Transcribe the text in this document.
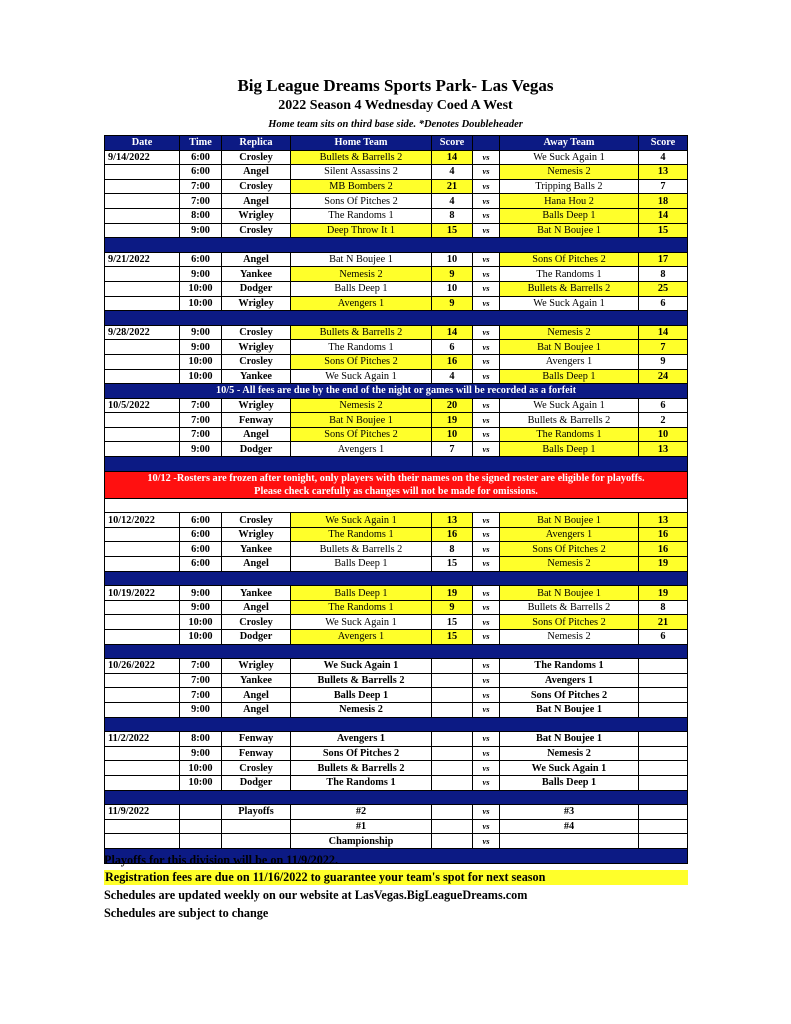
Big League Dreams Sports Park- Las Vegas
2022 Season 4 Wednesday Coed A West
Home team sits on third base side. *Denotes Doubleheader
Date	Time	Replica	Home Team	Score		Away Team	Score
9/14/2022	6:00	Crosley	Bullets & Barrells 2	14	vs	We Suck Again 1	4
	6:00	Angel	Silent Assassins 2	4	vs	Nemesis 2	13
	7:00	Crosley	MB Bombers 2	21	vs	Tripping Balls 2	7
	7:00	Angel	Sons Of Pitches 2	4	vs	Hana Hou 2	18
	8:00	Wrigley	The Randoms 1	8	vs	Balls Deep 1	14
	9:00	Crosley	Deep Throw It 1	15	vs	Bat N Boujee 1	15

9/21/2022	6:00	Angel	Bat N Boujee 1	10	vs	Sons Of Pitches 2	17
	9:00	Yankee	Nemesis 2	9	vs	The Randoms 1	8
	10:00	Dodger	Balls Deep 1	10	vs	Bullets & Barrells 2	25
	10:00	Wrigley	Avengers 1	9	vs	We Suck Again 1	6

9/28/2022	9:00	Crosley	Bullets & Barrells 2	14	vs	Nemesis 2	14
	9:00	Wrigley	The Randoms 1	6	vs	Bat N Boujee 1	7
	10:00	Crosley	Sons Of Pitches 2	16	vs	Avengers 1	9
	10:00	Yankee	We Suck Again 1	4	vs	Balls Deep 1	24
10/5 - All fees are due by the end of the night or games will be recorded as a forfeit							
10/5/2022	7:00	Wrigley	Nemesis 2	20	vs	We Suck Again 1	6
	7:00	Fenway	Bat N Boujee 1	19	vs	Bullets & Barrells 2	2
	7:00	Angel	Sons Of Pitches 2	10	vs	The Randoms 1	10
	9:00	Dodger	Avengers 1	7	vs	Balls Deep 1	13

10/12 -Rosters are frozen after tonight, only players with their names on the signed roster are eligible for playoffs.
Please check carefully as changes will not be made for omissions.							

10/12/2022	6:00	Crosley	We Suck Again 1	13	vs	Bat N Boujee 1	13
	6:00	Wrigley	The Randoms 1	16	vs	Avengers 1	16
	6:00	Yankee	Bullets & Barrells 2	8	vs	Sons Of Pitches 2	16
	6:00	Angel	Balls Deep 1	15	vs	Nemesis 2	19

10/19/2022	9:00	Yankee	Balls Deep 1	19	vs	Bat N Boujee 1	19
	9:00	Angel	The Randoms 1	9	vs	Bullets & Barrells 2	8
	10:00	Crosley	We Suck Again 1	15	vs	Sons Of Pitches 2	21
	10:00	Dodger	Avengers 1	15	vs	Nemesis 2	6

10/26/2022	7:00	Wrigley	We Suck Again 1		vs	The Randoms 1	
	7:00	Yankee	Bullets & Barrells 2		vs	Avengers 1	
	7:00	Angel	Balls Deep 1		vs	Sons Of Pitches 2	
	9:00	Angel	Nemesis 2		vs	Bat N Boujee 1	

11/2/2022	8:00	Fenway	Avengers 1		vs	Bat N Boujee 1	
	9:00	Fenway	Sons Of Pitches 2		vs	Nemesis 2	
	10:00	Crosley	Bullets & Barrells 2		vs	We Suck Again 1	
	10:00	Dodger	The Randoms 1		vs	Balls Deep 1	

11/9/2022		Playoffs	#2		vs	#3	
			#1		vs	#4	
			Championship		vs		

Playoffs for this division will be on 11/9/2022.
Registration fees are due on 11/16/2022 to guarantee your team's spot for next season
Schedules are updated weekly on our website at LasVegas.BigLeagueDreams.com
Schedules are subject to change
